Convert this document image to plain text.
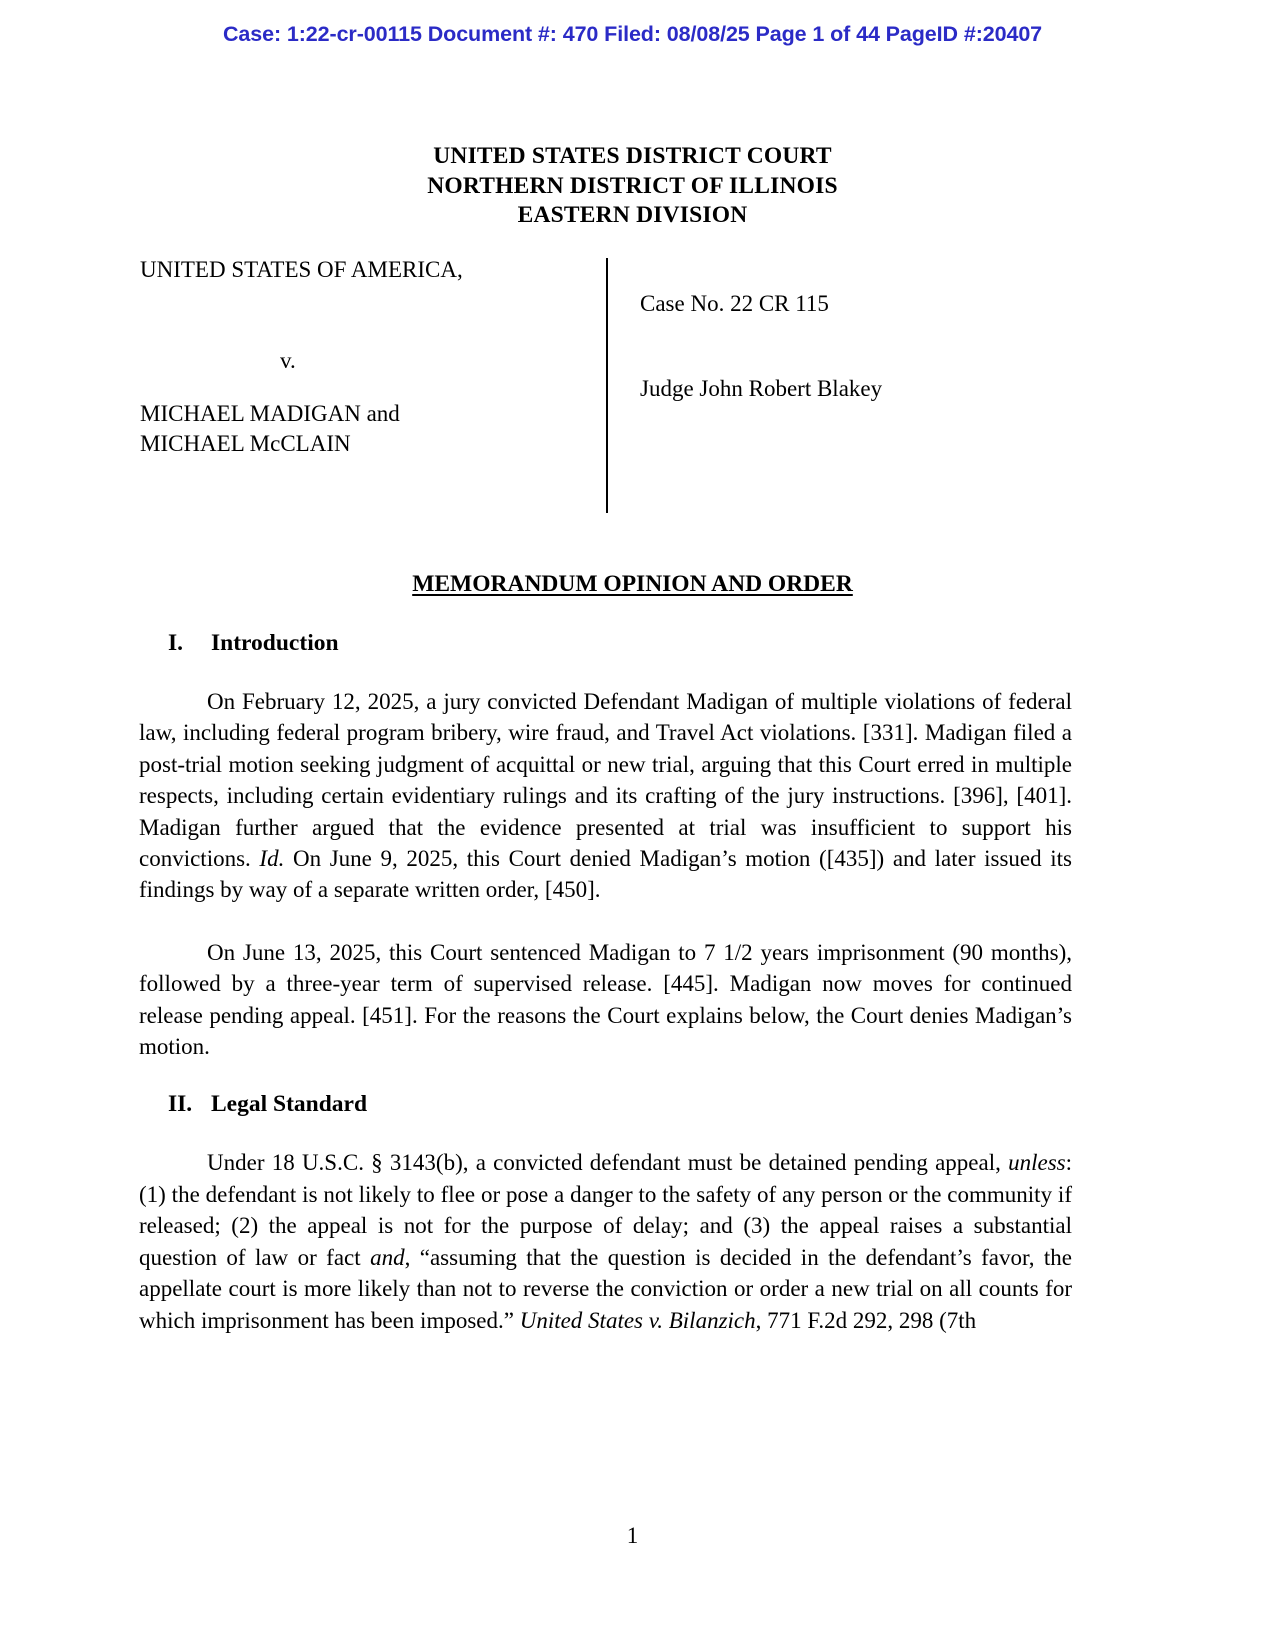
Case: 1:22-cr-00115 Document #: 470 Filed: 08/08/25 Page 1 of 44 PageID #:20407
UNITED STATES DISTRICT COURT
NORTHERN DISTRICT OF ILLINOIS
EASTERN DIVISION
UNITED STATES OF AMERICA,
v.
MICHAEL MADIGAN and
MICHAEL McCLAIN
Case No. 22 CR 115
Judge John Robert Blakey
MEMORANDUM OPINION AND ORDER
I.	Introduction

On February 12, 2025, a jury convicted Defendant Madigan of multiple violations of federal law, including federal program bribery, wire fraud, and Travel Act violations. [331]. Madigan filed a post-trial motion seeking judgment of acquittal or new trial, arguing that this Court erred in multiple respects, including certain evidentiary rulings and its crafting of the jury instructions. [396], [401]. Madigan further argued that the evidence presented at trial was insufficient to support his convictions. Id. On June 9, 2025, this Court denied Madigan’s motion ([435]) and later issued its findings by way of a separate written order, [450].

On June 13, 2025, this Court sentenced Madigan to 7 1/2 years imprisonment (90 months), followed by a three-year term of supervised release. [445]. Madigan now moves for continued release pending appeal. [451]. For the reasons the Court explains below, the Court denies Madigan’s motion.

II. Legal Standard

Under 18 U.S.C. § 3143(b), a convicted defendant must be detained pending appeal, unless: (1) the defendant is not likely to flee or pose a danger to the safety of any person or the community if released; (2) the appeal is not for the purpose of delay; and (3) the appeal raises a substantial question of law or fact and, “assuming that the question is decided in the defendant’s favor, the appellate court is more likely than not to reverse the conviction or order a new trial on all counts for which imprisonment has been imposed.” United States v. Bilanzich, 771 F.2d 292, 298 (7th

1
